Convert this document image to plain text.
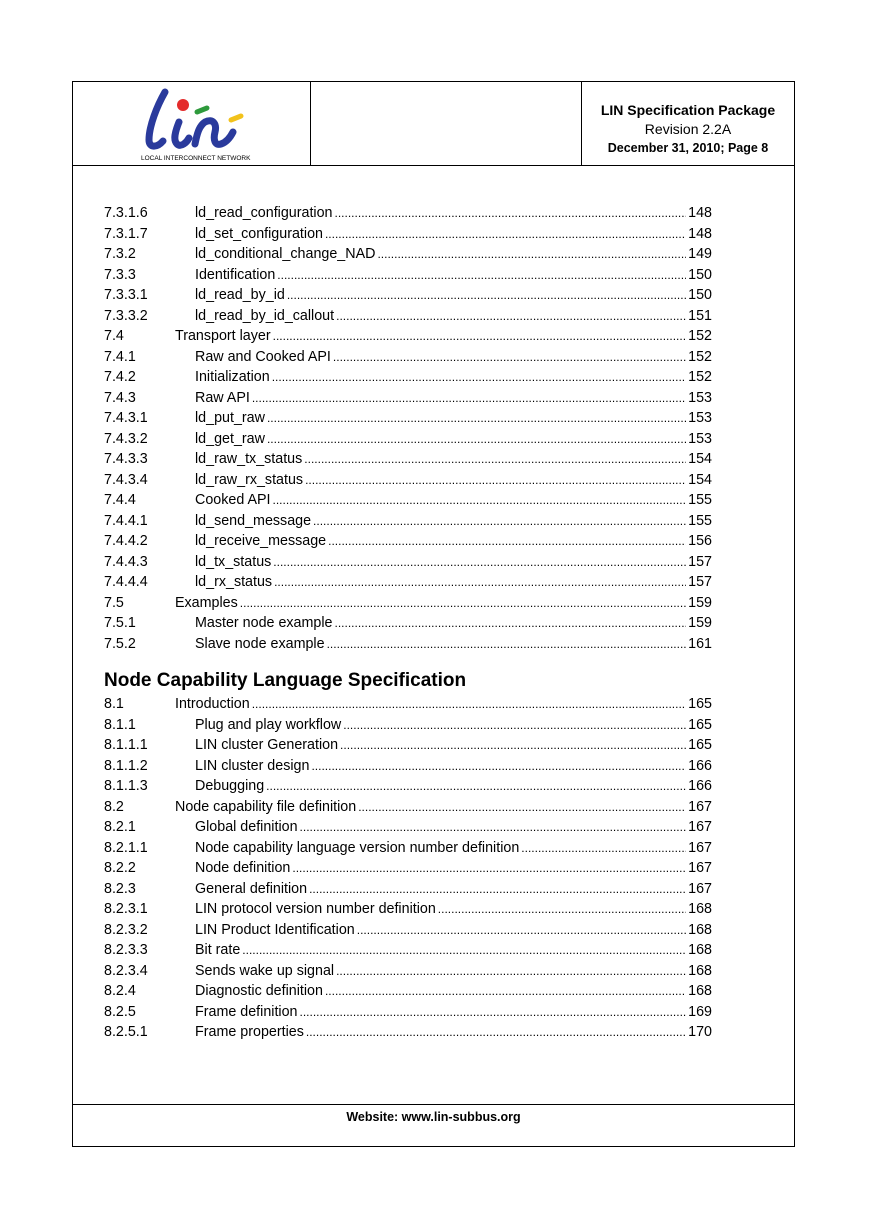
LOCAL INTERCONNECT NETWORK
LIN Specification Package
Revision 2.2A
December 31, 2010; Page 8
7.3.1.6	ld_read_configuration .....	148
7.3.1.7	ld_set_configuration .....	148
7.3.2	ld_conditional_change_NAD .....	149
7.3.3	Identification .....	150
7.3.3.1	ld_read_by_id .....	150
7.3.3.2	ld_read_by_id_callout .....	151
7.4	Transport layer .....	152
7.4.1	Raw and Cooked API .....	152
7.4.2	Initialization .....	152
7.4.3	Raw API .....	153
7.4.3.1	ld_put_raw .....	153
7.4.3.2	ld_get_raw .....	153
7.4.3.3	ld_raw_tx_status .....	154
7.4.3.4	ld_raw_rx_status .....	154
7.4.4	Cooked API .....	155
7.4.4.1	ld_send_message .....	155
7.4.4.2	ld_receive_message .....	156
7.4.4.3	ld_tx_status .....	157
7.4.4.4	ld_rx_status .....	157
7.5	Examples .....	159
7.5.1	Master node example .....	159
7.5.2	Slave node example .....	161
Node Capability Language Specification
8.1	Introduction .....	165
8.1.1	Plug and play workflow .....	165
8.1.1.1	LIN cluster Generation .....	165
8.1.1.2	LIN cluster design .....	166
8.1.1.3	Debugging .....	166
8.2	Node capability file definition .....	167
8.2.1	Global definition .....	167
8.2.1.1	Node capability language version number definition .....	167
8.2.2	Node definition .....	167
8.2.3	General definition .....	167
8.2.3.1	LIN protocol version number definition .....	168
8.2.3.2	LIN Product Identification .....	168
8.2.3.3	Bit rate .....	168
8.2.3.4	Sends wake up signal .....	168
8.2.4	Diagnostic definition .....	168
8.2.5	Frame definition .....	169
8.2.5.1	Frame properties .....	170
Website: www.lin-subbus.org
